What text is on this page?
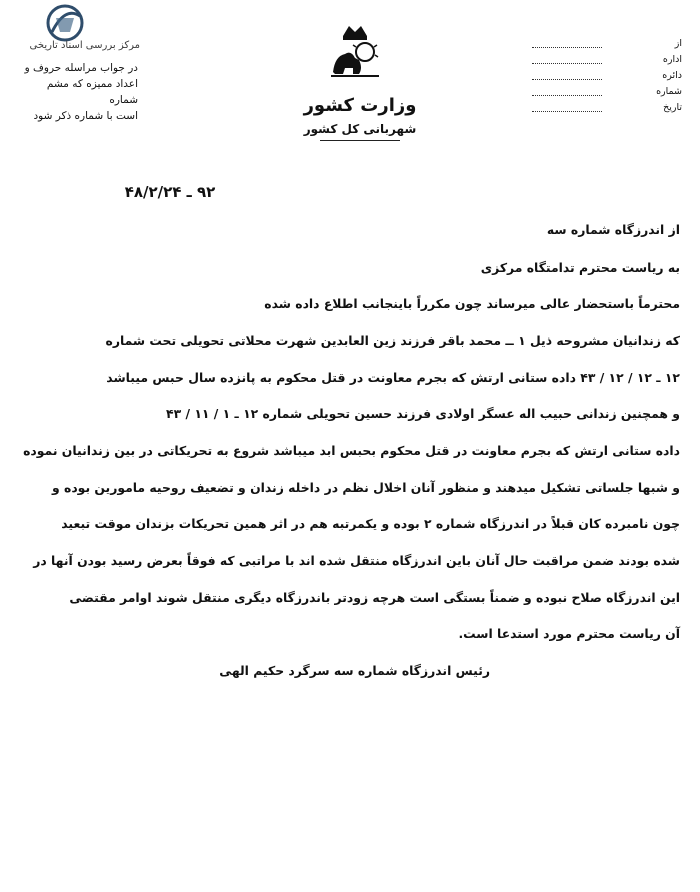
مرکز بررسی اسناد تاریخی
در جواب مراسله حروف و
اعداد ممیزه که مشم شماره
است با شماره ذکر شود	وزارت کشور
شهربانی کل کشور
از
اداره
دائره
شماره
تاریخ
۹۲ ـ ۴۸/۲/۲۴
از اندرزگاه شماره سه
به ریاست محترم تدامتگاه مرکزی
محترماً باستحضار عالی میرساند چون مکرراً باینجانب اطلاع داده شده
که زندانیان مشروحه ذیل ۱ ــ محمد باقر فرزند زین العابدین شهرت محلاتی تحویلی تحت شماره
۱۲ ـ ۱۲ / ۱۲ / ۴۳ داده ستانی ارتش که بجرم معاونت در قتل محکوم به پانزده سال حبس میباشد
و همچنین زندانی حبیب اله عسگر اولادی فرزند حسین تحویلی شماره ۱۲ ـ ۱ / ۱۱ / ۴۳
داده ستانی ارتش که بجرم معاونت در قتل محکوم بحبس ابد میباشد شروع به تحریکاتی در بین زندانیان نموده
و شبها جلساتی تشکیل میدهند و منظور آنان اخلال نظم در داخله زندان و تضعیف روحیه مامورین بوده و
چون نامبرده کان قبلاً در اندرزگاه شماره ۲ بوده و یکمرتبه هم در اثر همین تحریکات بزندان موقت تبعید
شده بودند ضمن مراقبت حال آنان باین اندرزگاه منتقل شده اند با مراتبی که فوقاً بعرض رسید بودن آنها در
این اندرزگاه صلاح نبوده و ضمناً بستگی است هرچه زودتر باندرزگاه دیگری منتقل شوند اوامر مقتضی
آن ریاست محترم مورد استدعا است.
رئیس اندرزگاه شماره سه سرگرد حکیم الهی
